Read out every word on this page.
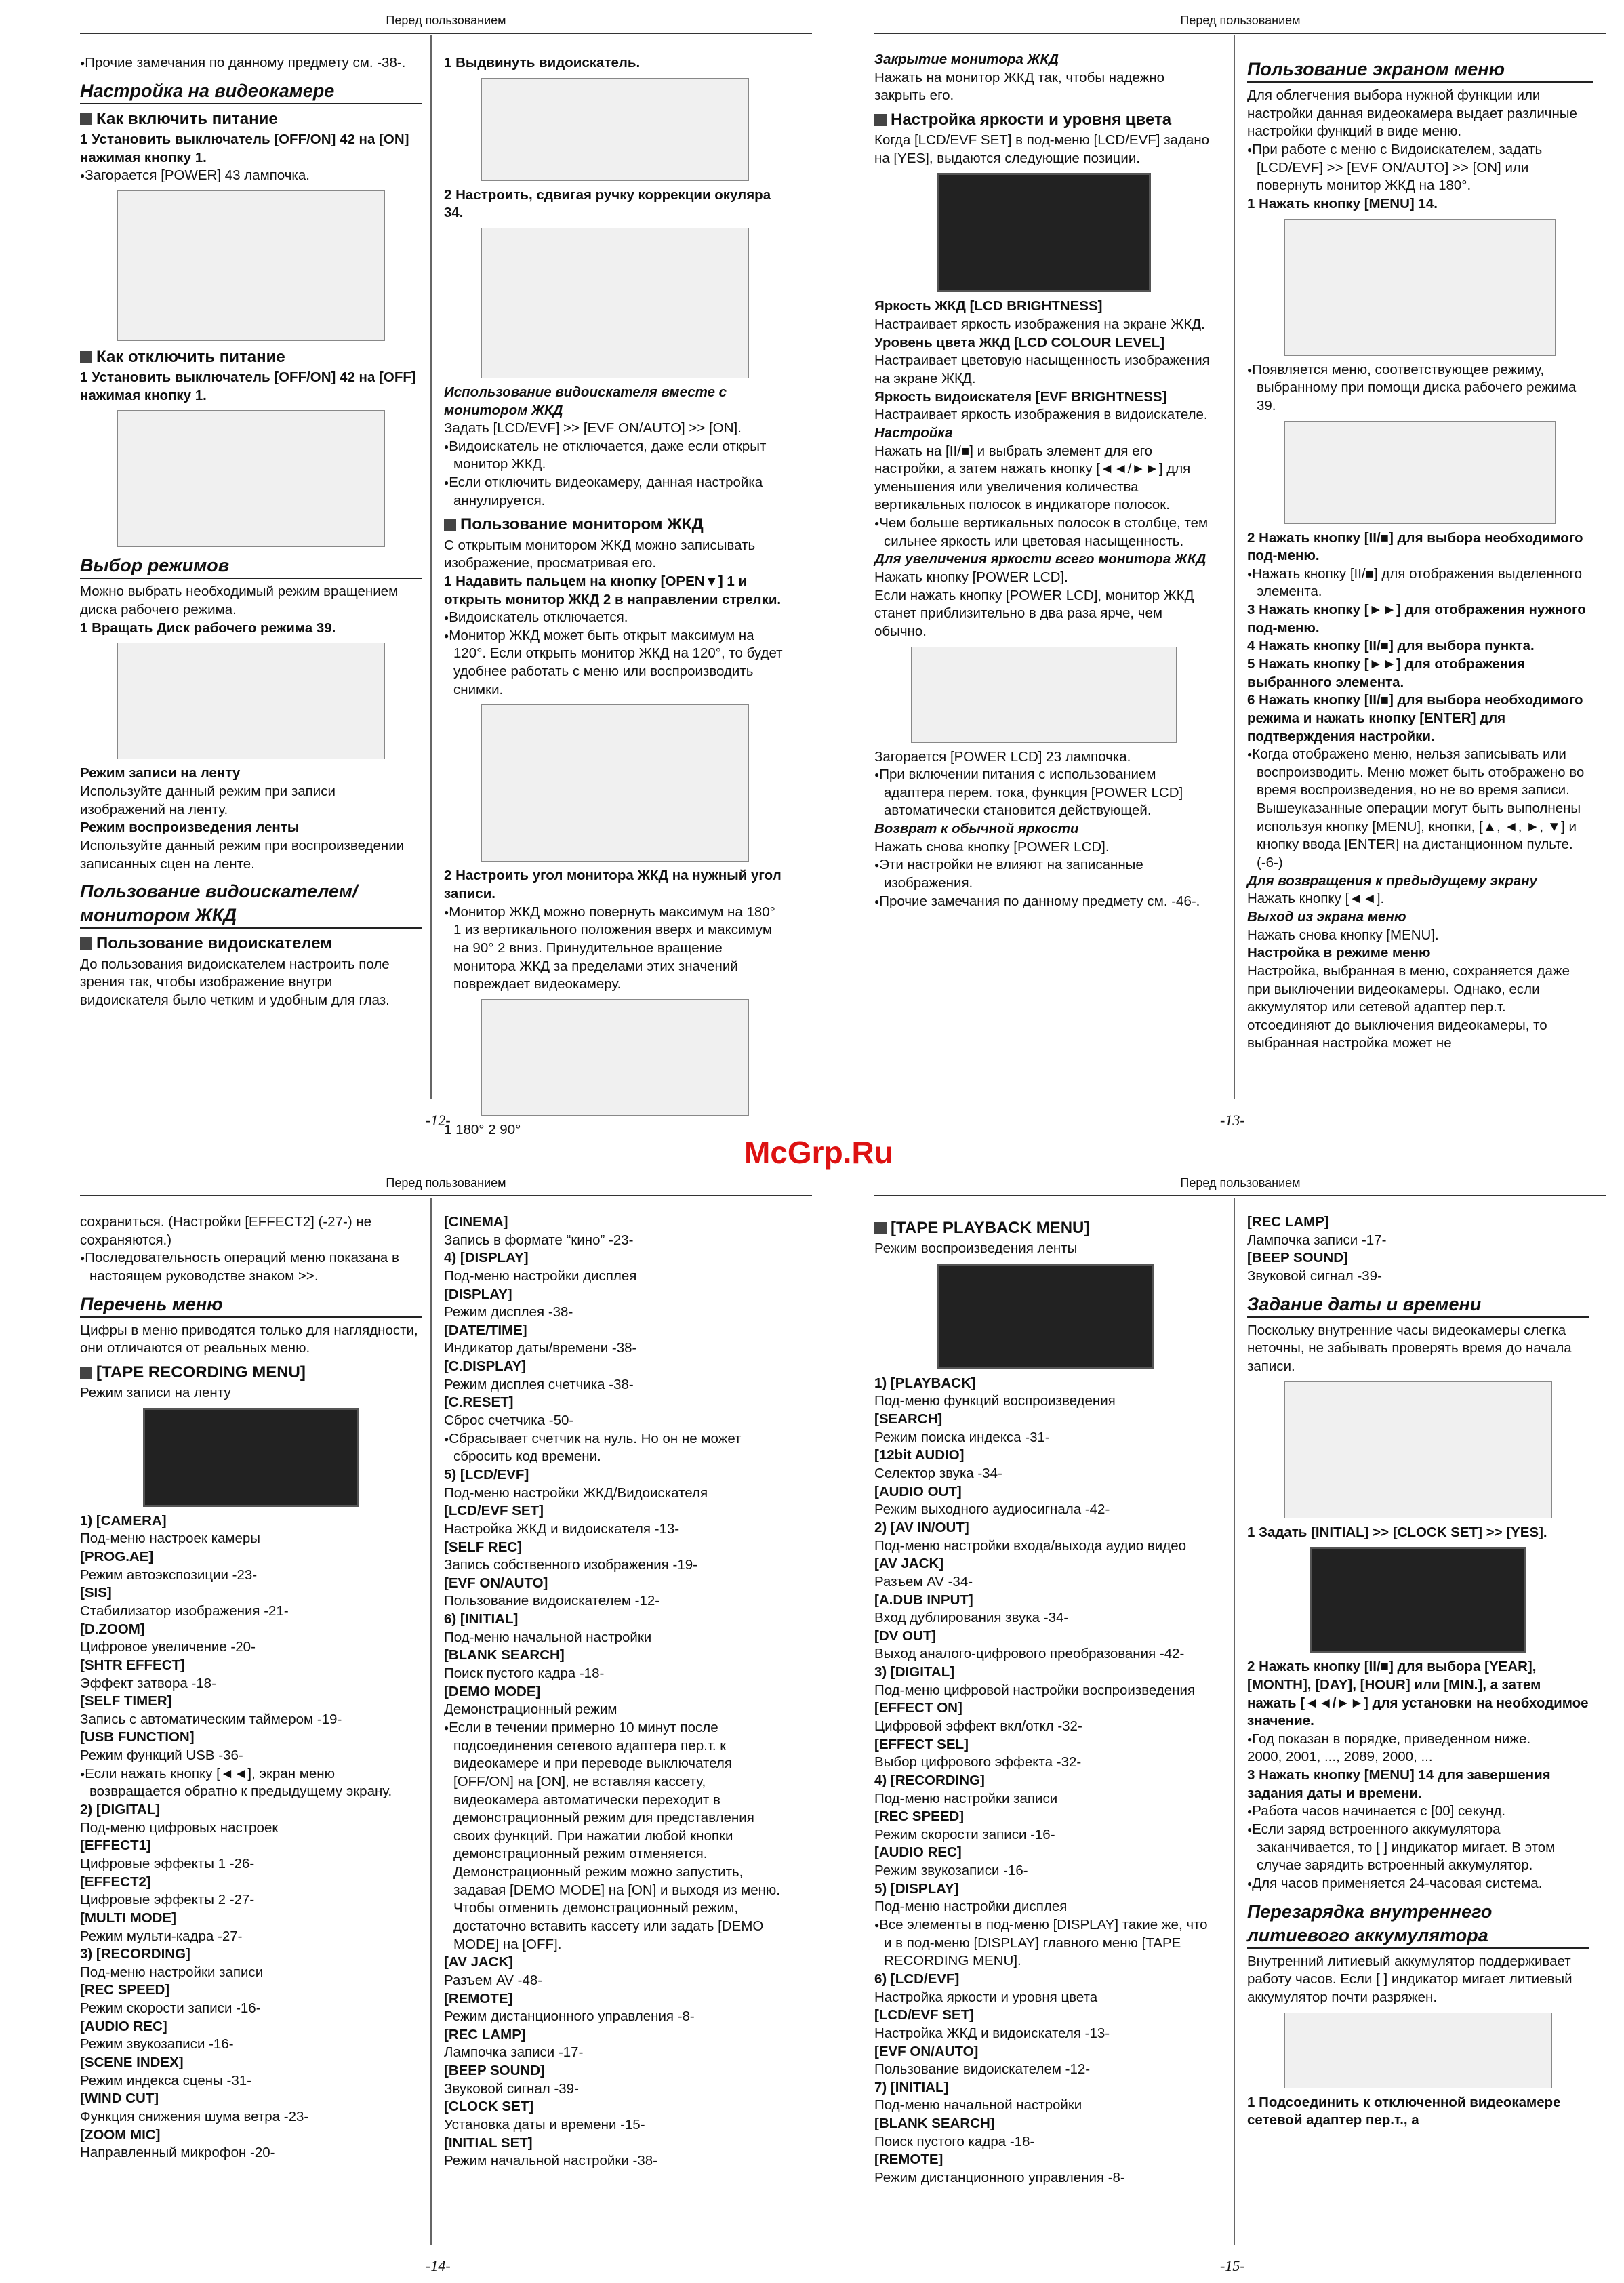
McGrp.Ru
Перед пользованием

● Прочие замечания по данному предмету см. -38-.

Настройка на видеокамере

Как включить питание

1 Установить выключатель [OFF/ON] 42 на [ON] нажимая кнопку 1.

● Загорается [POWER] 43 лампочка.

Как отключить питание

1 Установить выключатель [OFF/ON] 42 на [OFF] нажимая кнопку 1.

Выбор режимов

Можно выбрать необходимый режим вращением диска рабочего режима.

1 Вращать Диск рабочего режима 39.

Режим записи на ленту

Используйте данный режим при записи изображений на ленту.

Режим воспроизведения ленты

Используйте данный режим при воспроизведении записанных сцен на ленте.

Пользование видоискателем/монитором ЖКД

Пользование видоискателем

До пользования видоискателем настроить поле зрения так, чтобы изображение внутри видоискателя было четким и удобным для глаз.

1 Выдвинуть видоискатель.

2 Настроить, сдвигая ручку коррекции окуляра 34.

Использование видоискателя вместе с монитором ЖКД

Задать [LCD/EVF] >> [EVF ON/AUTO] >> [ON].

● Видоискатель не отключается, даже если открыт монитор ЖКД.

● Если отключить видеокамеру, данная настройка аннулируется.

Пользование монитором ЖКД

С открытым монитором ЖКД можно записывать изображение, просматривая его.

1 Надавить пальцем на кнопку [OPEN▼] 1 и открыть монитор ЖКД 2 в направлении стрелки.

● Видоискатель отключается.

● Монитор ЖКД может быть открыт максимум на 120°. Если открыть монитор ЖКД на 120°, то будет удобнее работать с меню или воспроизводить снимки.

2 Настроить угол монитора ЖКД на нужный угол записи.

● Монитор ЖКД можно повернуть максимум на 180° 1 из вертикального положения вверх и максимум на 90° 2 вниз. Принудительное вращение монитора ЖКД за пределами этих значений повреждает видеокамеру.

1 180° 2 90°

-12-
Перед пользованием

Закрытие монитора ЖКД

Нажать на монитор ЖКД так, чтобы надежно закрыть его.

Настройка яркости и уровня цвета

Когда [LCD/EVF SET] в под-меню [LCD/EVF] задано на [YES], выдаются следующие позиции.

Яркость ЖКД [LCD BRIGHTNESS]

Настраивает яркость изображения на экране ЖКД.

Уровень цвета ЖКД [LCD COLOUR LEVEL]

Настраивает цветовую насыщенность изображения на экране ЖКД.

Яркость видоискателя [EVF BRIGHTNESS]

Настраивает яркость изображения в видоискателе.

Настройка

Нажать на [II/■] и выбрать элемент для его настройки, а затем нажать кнопку [◄◄/►►] для уменьшения или увеличения количества вертикальных полосок в индикаторе полосок.

● Чем больше вертикальных полосок в столбце, тем сильнее яркость или цветовая насыщенность.

Для увеличения яркости всего монитора ЖКД

Нажать кнопку [POWER LCD].

Если нажать кнопку [POWER LCD], монитор ЖКД станет приблизительно в два раза ярче, чем обычно.

Загорается [POWER LCD] 23 лампочка.

● При включении питания с использованием адаптера перем. тока, функция [POWER LCD] автоматически становится действующей.

Возврат к обычной яркости

Нажать снова кнопку [POWER LCD].

● Эти настройки не влияют на записанные изображения.

● Прочие замечания по данному предмету см. -46-.

Пользование экраном меню

Для облегчения выбора нужной функции или настройки данная видеокамера выдает различные настройки функций в виде меню.

● При работе с меню с Видоискателем, задать [LCD/EVF] >> [EVF ON/AUTO] >> [ON] или повернуть монитор ЖКД на 180°.

1 Нажать кнопку [MENU] 14.

● Появляется меню, соответствующее режиму, выбранному при помощи диска рабочего режима 39.

2 Нажать кнопку [II/■] для выбора необходимого под-меню.

● Нажать кнопку [II/■] для отображения выделенного элемента.

3 Нажать кнопку [►►] для отображения нужного под-меню.

4 Нажать кнопку [II/■] для выбора пункта.

5 Нажать кнопку [►►] для отображения выбранного элемента.

6 Нажать кнопку [II/■] для выбора необходимого режима и нажать кнопку [ENTER] для подтверждения настройки.

● Когда отображено меню, нельзя записывать или воспроизводить. Меню может быть отображено во время воспроизведения, но не во время записи. Вышеуказанные операции могут быть выполнены используя кнопку [MENU], кнопки, [▲, ◄, ►, ▼] и кнопку ввода [ENTER] на дистанционном пульте. (-6-)

Для возвращения к предыдущему экрану

Нажать кнопку [◄◄].

Выход из экрана меню

Нажать снова кнопку [MENU].

Настройка в режиме меню

Настройка, выбранная в меню, сохраняется даже при выключении видеокамеры. Однако, если аккумулятор или сетевой адаптер пер.т. отсоединяют до выключения видеокамеры, то выбранная настройка может не

-13-
Перед пользованием

сохраниться. (Настройки [EFFECT2] (-27-) не сохраняются.)

● Последовательность операций меню показана в настоящем руководстве знаком >>.

Перечень меню

Цифры в меню приводятся только для наглядности, они отличаются от реальных меню.

[TAPE RECORDING MENU]

Режим записи на ленту

1) [CAMERA]

Под-меню настроек камеры

[PROG.AE]

Режим автоэкспозиции -23-

[SIS]

Стабилизатор изображения -21-

[D.ZOOM]

Цифровое увеличение -20-

[SHTR EFFECT]

Эффект затвора -18-

[SELF TIMER]

Запись с автоматическим таймером -19-

[USB FUNCTION]

Режим функций USB -36-

● Если нажать кнопку [◄◄], экран меню возвращается обратно к предыдущему экрану.

2) [DIGITAL]

Под-меню цифровых настроек

[EFFECT1]

Цифровые эффекты 1 -26-

[EFFECT2]

Цифровые эффекты 2 -27-

[MULTI MODE]

Режим мульти-кадра -27-

3) [RECORDING]

Под-меню настройки записи

[REC SPEED]

Режим скорости записи -16-

[AUDIO REC]

Режим звукозаписи -16-

[SCENE INDEX]

Режим индекса сцены -31-

[WIND CUT]

Функция снижения шума ветра -23-

[ZOOM MIC]

Направленный микрофон -20-

[CINEMA]

Запись в формате “кино” -23-

4) [DISPLAY]

Под-меню настройки дисплея

[DISPLAY]

Режим дисплея -38-

[DATE/TIME]

Индикатор даты/времени -38-

[C.DISPLAY]

Режим дисплея счетчика -38-

[C.RESET]

Сброс счетчика -50-

● Сбрасывает счетчик на нуль. Но он не может сбросить код времени.

5) [LCD/EVF]

Под-меню настройки ЖКД/Видоискателя

[LCD/EVF SET]

Настройка ЖКД и видоискателя -13-

[SELF REC]

Запись собственного изображения -19-

[EVF ON/AUTO]

Пользование видоискателем -12-

6) [INITIAL]

Под-меню начальной настройки

[BLANK SEARCH]

Поиск пустого кадра -18-

[DEMO MODE]

Демонстрационный режим

● Если в течении примерно 10 минут после подсоединения сетевого адаптера пер.т. к видеокамере и при переводе выключателя [OFF/ON] на [ON], не вставляя кассету, видеокамера автоматически переходит в демонстрационный режим для представления своих функций. При нажатии любой кнопки демонстрационный режим отменяется. Демонстрационный режим можно запустить, задавая [DEMO MODE] на [ON] и выходя из меню. Чтобы отменить демонстрационный режим, достаточно вставить кассету или задать [DEMO MODE] на [OFF].

[AV JACK]

Разъем AV -48-

[REMOTE]

Режим дистанционного управления -8-

[REC LAMP]

Лампочка записи -17-

[BEEP SOUND]

Звуковой сигнал -39-

[CLOCK SET]

Установка даты и времени -15-

[INITIAL SET]

Режим начальной настройки -38-

-14-
Перед пользованием

[TAPE PLAYBACK MENU]

Режим воспроизведения ленты

1) [PLAYBACK]

Под-меню функций воспроизведения

[SEARCH]

Режим поиска индекса -31-

[12bit AUDIO]

Селектор звука -34-

[AUDIO OUT]

Режим выходного аудиосигнала -42-

2) [AV IN/OUT]

Под-меню настройки входа/выхода аудио видео

[AV JACK]

Разъем AV -34-

[A.DUB INPUT]

Вход дублирования звука -34-

[DV OUT]

Выход аналого-цифрового преобразования -42-

3) [DIGITAL]

Под-меню цифровой настройки воспроизведения

[EFFECT ON]

Цифровой эффект вкл/откл -32-

[EFFECT SEL]

Выбор цифрового эффекта -32-

4) [RECORDING]

Под-меню настройки записи

[REC SPEED]

Режим скорости записи -16-

[AUDIO REC]

Режим звукозаписи -16-

5) [DISPLAY]

Под-меню настройки дисплея

● Все элементы в под-меню [DISPLAY] такие же, что и в под-меню [DISPLAY] главного меню [TAPE RECORDING MENU].

6) [LCD/EVF]

Настройка яркости и уровня цвета

[LCD/EVF SET]

Настройка ЖКД и видоискателя -13-

[EVF ON/AUTO]

Пользование видоискателем -12-

7) [INITIAL]

Под-меню начальной настройки

[BLANK SEARCH]

Поиск пустого кадра -18-

[REMOTE]

Режим дистанционного управления -8-

[REC LAMP]

Лампочка записи -17-

[BEEP SOUND]

Звуковой сигнал -39-

Задание даты и времени

Поскольку внутренние часы видеокамеры слегка неточны, не забывать проверять время до начала записи.

1 Задать [INITIAL] >> [CLOCK SET] >> [YES].

2 Нажать кнопку [II/■] для выбора [YEAR], [MONTH], [DAY], [HOUR] или [MIN.], а затем нажать [◄◄/►►] для установки на необходимое значение.

● Год показан в порядке, приведенном ниже.

2000, 2001, ..., 2089, 2000, ...

3 Нажать кнопку [MENU] 14 для завершения задания даты и времени.

● Работа часов начинается с [00] секунд.

● Если заряд встроенного аккумулятора заканчивается, то [ ] индикатор мигает. В этом случае зарядить встроенный аккумулятор.

● Для часов применяется 24-часовая система.

Перезарядка внутреннего литиевого аккумулятора

Внутренний литиевый аккумулятор поддерживает работу часов. Если [ ] индикатор мигает литиевый аккумулятор почти разряжен.

1 Подсоединить к отключенной видеокамере сетевой адаптер пер.т., а

-15-
